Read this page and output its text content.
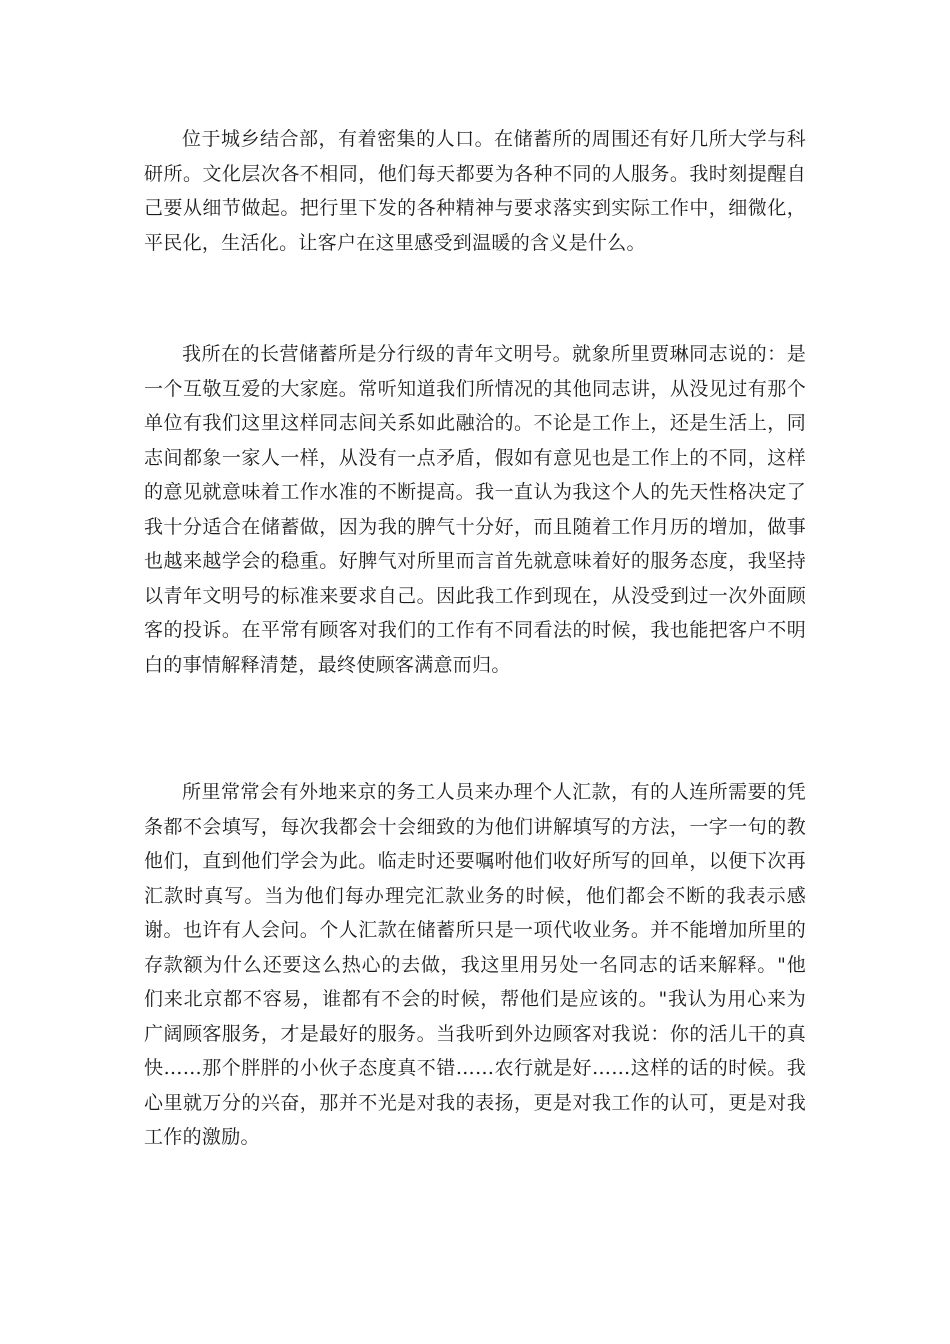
位于城乡结合部，有着密集的人口。在储蓄所的周围还有好几所大学与科研所。文化层次各不相同，他们每天都要为各种不同的人服务。我时刻提醒自己要从细节做起。把行里下发的各种精神与要求落实到实际工作中，细微化，平民化，生活化。让客户在这里感受到温暖的含义是什么。

我所在的长营储蓄所是分行级的青年文明号。就象所里贾琳同志说的：是一个互敬互爱的大家庭。常听知道我们所情况的其他同志讲，从没见过有那个单位有我们这里这样同志间关系如此融洽的。不论是工作上，还是生活上，同志间都象一家人一样，从没有一点矛盾，假如有意见也是工作上的不同，这样的意见就意味着工作水准的不断提高。我一直认为我这个人的先天性格决定了我十分适合在储蓄做，因为我的脾气十分好，而且随着工作月历的增加，做事也越来越学会的稳重。好脾气对所里而言首先就意味着好的服务态度，我坚持以青年文明号的标准来要求自己。因此我工作到现在，从没受到过一次外面顾客的投诉。在平常有顾客对我们的工作有不同看法的时候，我也能把客户不明白的事情解释清楚，最终使顾客满意而归。

所里常常会有外地来京的务工人员来办理个人汇款，有的人连所需要的凭条都不会填写，每次我都会十会细致的为他们讲解填写的方法，一字一句的教他们，直到他们学会为此。临走时还要嘱咐他们收好所写的回单，以便下次再汇款时真写。当为他们每办理完汇款业务的时候，他们都会不断的我表示感谢。也许有人会问。个人汇款在储蓄所只是一项代收业务。并不能增加所里的存款额为什么还要这么热心的去做，我这里用另处一名同志的话来解释。"他们来北京都不容易，谁都有不会的时候，帮他们是应该的。"我认为用心来为广阔顾客服务，才是最好的服务。当我听到外边顾客对我说：你的活儿干的真快……那个胖胖的小伙子态度真不错……农行就是好……这样的话的时候。我心里就万分的兴奋，那并不光是对我的表扬，更是对我工作的认可，更是对我工作的激励。
